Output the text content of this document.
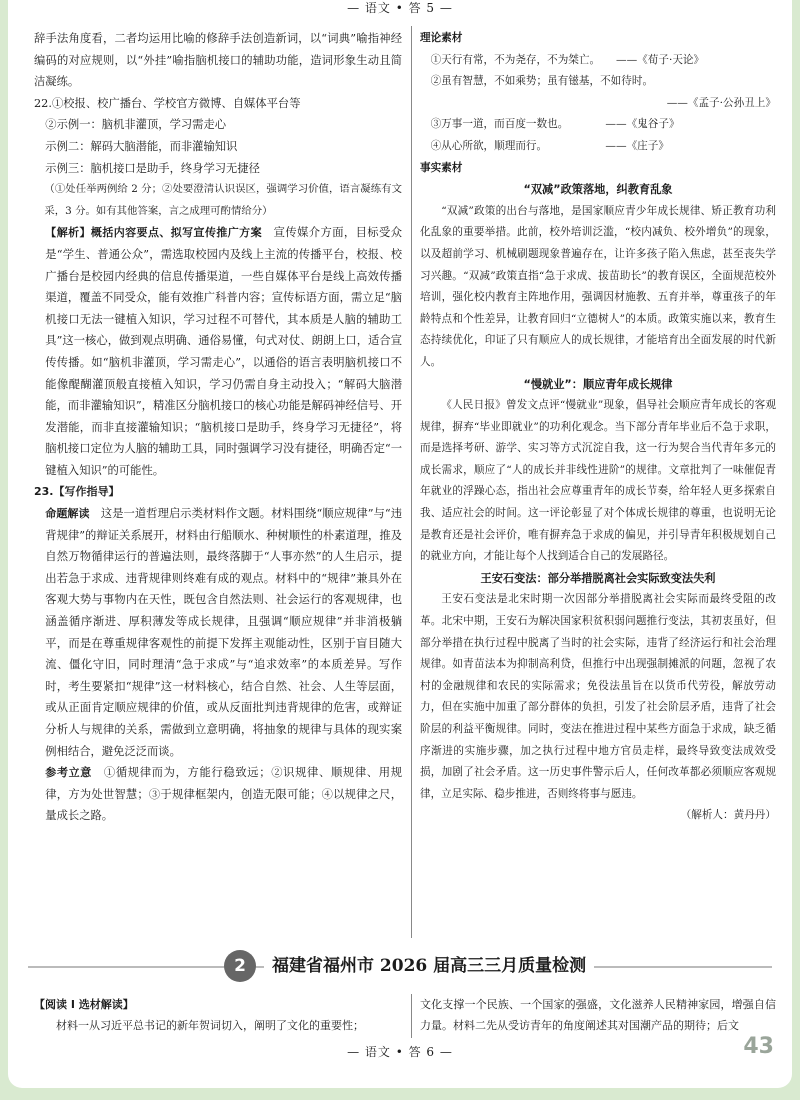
— 语文 • 答 5 —
辞手法角度看，二者均运用比喻的修辞手法创造新词，以“词典”喻指神经编码的对应规则，以“外挂”喻指脑机接口的辅助功能，造词形象生动且简洁凝练。
22.①校报、校广播台、学校官方微博、自媒体平台等
②示例一：脑机非灌顶，学习需走心
示例二：解码大脑潜能，而非灌输知识
示例三：脑机接口是助手，终身学习无捷径
（①处任举两例给 2 分；②处要澄清认识误区，强调学习价值，语言凝练有文采，3 分。如有其他答案，言之成理可酌情给分）
【解析】概括内容要点、拟写宣传推广方案　宣传媒介方面，目标受众是“学生、普通公众”，需选取校园内及线上主流的传播平台，校报、校广播台是校园内经典的信息传播渠道，一些自媒体平台是线上高效传播渠道，覆盖不同受众，能有效推广科普内容；宣传标语方面，需立足“脑机接口无法一键植入知识，学习过程不可替代，其本质是人脑的辅助工具”这一核心，做到观点明确、通俗易懂，句式对仗、朗朗上口，适合宣传传播。如“脑机非灌顶，学习需走心”，以通俗的语言表明脑机接口不能像醍醐灌顶般直接植入知识，学习仍需自身主动投入；“解码大脑潜能，而非灌输知识”，精准区分脑机接口的核心功能是解码神经信号、开发潜能，而非直接灌输知识；“脑机接口是助手，终身学习无捷径”，将脑机接口定位为人脑的辅助工具，同时强调学习没有捷径，明确否定“一键植入知识”的可能性。
23.【写作指导】
命题解读　这是一道哲理启示类材料作文题。材料围绕“顺应规律”与“违背规律”的辩证关系展开，材料由行船顺水、种树顺性的朴素道理，推及自然万物循律运行的普遍法则，最终落脚于“人事亦然”的人生启示，提出若急于求成、违背规律则终难有成的观点。材料中的“规律”兼具外在客观大势与事物内在天性，既包含自然法则、社会运行的客观规律，也涵盖循序渐进、厚积薄发等成长规律，且强调“顺应规律”并非消极躺平，而是在尊重规律客观性的前提下发挥主观能动性，区别于盲目随大流、僵化守旧，同时理清“急于求成”与“追求效率”的本质差异。写作时，考生要紧扣“规律”这一材料核心，结合自然、社会、人生等层面，或从正面肯定顺应规律的价值，或从反面批判违背规律的危害，或辩证分析人与规律的关系，需做到立意明确，将抽象的规律与具体的现实案例相结合，避免泛泛而谈。
参考立意　①循规律而为，方能行稳致远；②识规律、顺规律、用规律，方为处世智慧；③于规律框架内，创造无限可能；④以规律之尺，量成长之路。
理论素材
①天行有常，不为尧存，不为桀亡。　　——《荀子·天论》
②虽有智慧，不如乘势；虽有镃基，不如待时。
——《孟子·公孙丑上》
③万事一道，而百度一数也。　　　　——《鬼谷子》
④从心所欲，顺理而行。　　　　　　——《庄子》
事实素材
“双减”政策落地，纠教育乱象
“双减”政策的出台与落地，是国家顺应青少年成长规律、矫正教育功利化乱象的重要举措。此前，校外培训泛滥，“校内减负、校外增负”的现象，以及超前学习、机械刷题现象普遍存在，让许多孩子陷入焦虑，甚至丧失学习兴趣。“双减”政策直指“急于求成、拔苗助长”的教育误区，全面规范校外培训，强化校内教育主阵地作用，强调因材施教、五育并举，尊重孩子的年龄特点和个性差异，让教育回归“立德树人”的本质。政策实施以来，教育生态持续优化，印证了只有顺应人的成长规律，才能培育出全面发展的时代新人。
“慢就业”：顺应青年成长规律
《人民日报》曾发文点评“慢就业”现象，倡导社会顺应青年成长的客观规律，摒弃“毕业即就业”的功利化观念。当下部分青年毕业后不急于求职，而是选择考研、游学、实习等方式沉淀自我，这一行为契合当代青年多元的成长需求，顺应了“人的成长并非线性进阶”的规律。文章批判了一味催促青年就业的浮躁心态，指出社会应尊重青年的成长节奏，给年轻人更多探索自我、适应社会的时间。这一评论彰显了对个体成长规律的尊重，也说明无论是教育还是社会评价，唯有摒弃急于求成的偏见，并引导青年积极规划自己的就业方向，才能让每个人找到适合自己的发展路径。
王安石变法：部分举措脱离社会实际致变法失利
王安石变法是北宋时期一次因部分举措脱离社会实际而最终受阻的改革。北宋中期，王安石为解决国家积贫积弱问题推行变法，其初衷虽好，但部分举措在执行过程中脱离了当时的社会实际，违背了经济运行和社会治理规律。如青苗法本为抑制高利贷，但推行中出现强制摊派的问题，忽视了农村的金融规律和农民的实际需求；免役法虽旨在以货币代劳役，解放劳动力，但在实施中加重了部分群体的负担，引发了社会阶层矛盾，违背了社会阶层的利益平衡规律。同时，变法在推进过程中某些方面急于求成，缺乏循序渐进的实施步骤，加之执行过程中地方官员走样，最终导致变法成效受损，加剧了社会矛盾。这一历史事件警示后人，任何改革都必须顺应客观规律，立足实际、稳步推进，否则终将事与愿违。
（解析人：黄丹丹）
2	福建省福州市 2026 届高三三月质量检测
【阅读 Ⅰ 选材解读】
材料一从习近平总书记的新年贺词切入，阐明了文化的重要性；
文化支撑一个民族、一个国家的强盛，文化滋养人民精神家园，增强自信力量。材料二先从受访青年的角度阐述其对国潮产品的期待；后文
— 语文 • 答 6 —	43
